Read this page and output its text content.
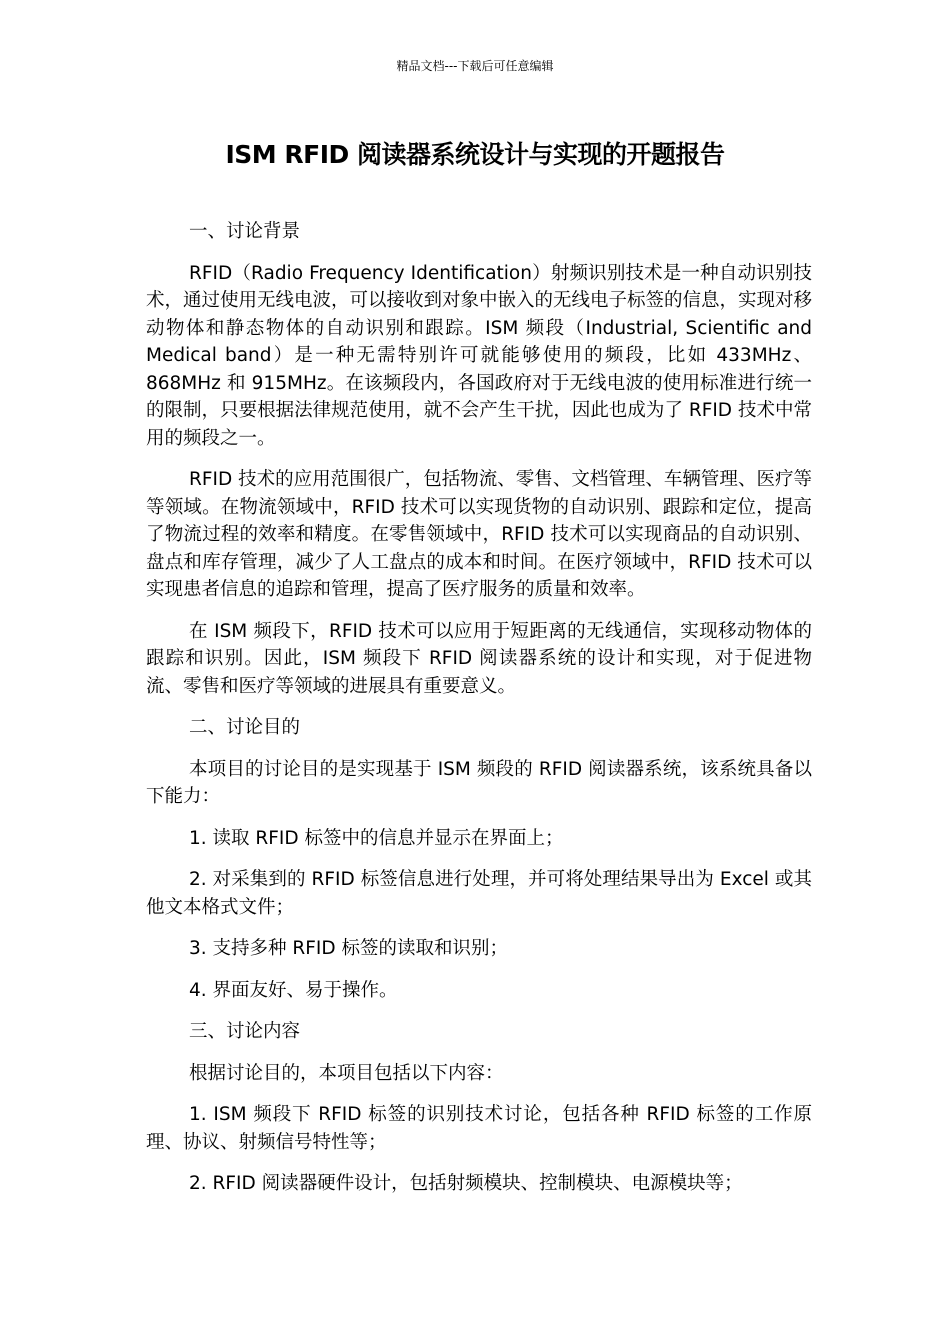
精品文档---下载后可任意编辑
ISM RFID 阅读器系统设计与实现的开题报告

一、讨论背景

RFID（Radio Frequency Identification）射频识别技术是一种自动识别技术，通过使用无线电波，可以接收到对象中嵌入的无线电子标签的信息，实现对移动物体和静态物体的自动识别和跟踪。ISM 频段（Industrial, Scientific and Medical band）是一种无需特别许可就能够使用的频段，比如 433MHz、868MHz 和 915MHz。在该频段内，各国政府对于无线电波的使用标准进行统一的限制，只要根据法律规范使用，就不会产生干扰，因此也成为了 RFID 技术中常用的频段之一。

RFID 技术的应用范围很广，包括物流、零售、文档管理、车辆管理、医疗等等领域。在物流领域中，RFID 技术可以实现货物的自动识别、跟踪和定位，提高了物流过程的效率和精度。在零售领域中，RFID 技术可以实现商品的自动识别、盘点和库存管理，减少了人工盘点的成本和时间。在医疗领域中，RFID 技术可以实现患者信息的追踪和管理，提高了医疗服务的质量和效率。

在 ISM 频段下，RFID 技术可以应用于短距离的无线通信，实现移动物体的跟踪和识别。因此，ISM 频段下 RFID 阅读器系统的设计和实现，对于促进物流、零售和医疗等领域的进展具有重要意义。

二、讨论目的

本项目的讨论目的是实现基于 ISM 频段的 RFID 阅读器系统，该系统具备以下能力：

1. 读取 RFID 标签中的信息并显示在界面上；

2. 对采集到的 RFID 标签信息进行处理，并可将处理结果导出为 Excel 或其他文本格式文件；

3. 支持多种 RFID 标签的读取和识别；

4. 界面友好、易于操作。

三、讨论内容

根据讨论目的，本项目包括以下内容：

1. ISM 频段下 RFID 标签的识别技术讨论，包括各种 RFID 标签的工作原理、协议、射频信号特性等；

2. RFID 阅读器硬件设计，包括射频模块、控制模块、电源模块等；
